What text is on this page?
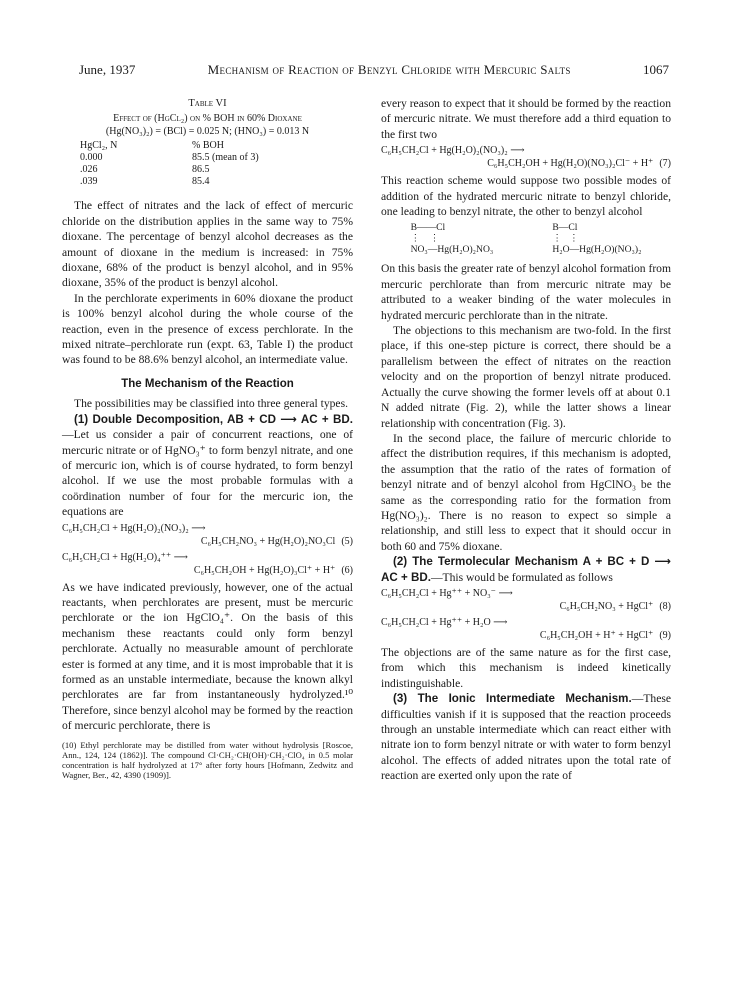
June, 1937	Mechanism of Reaction of Benzyl Chloride with Mercuric Salts	1067
Table VI
Effect of (HgCl₂) on % BOH in 60% Dioxane
(Hg(NO₃)₂) = (BCl) = 0.025 N; (HNO₃) = 0.013 N
HgCl₂, N	% BOH
0.000	85.5 (mean of 3)
.026	86.5
.039	85.4

The effect of nitrates and the lack of effect of mercuric chloride on the distribution applies in the same way to 75% dioxane. The percentage of benzyl alcohol decreases as the amount of dioxane in the medium is increased: in 75% dioxane, 68% of the product is benzyl alcohol, and in 95% dioxane, 35% of the product is benzyl alcohol.

In the perchlorate experiments in 60% dioxane the product is 100% benzyl alcohol during the whole course of the reaction, even in the presence of excess perchlorate. In the mixed nitrate–perchlorate run (expt. 63, Table I) the product was found to be 88.6% benzyl alcohol, an intermediate value.

The Mechanism of the Reaction

The possibilities may be classified into three general types.

(1) Double Decomposition, AB + CD ⟶ AC + BD.—Let us consider a pair of concurrent reactions, one of mercuric nitrate or of HgNO₃⁺ to form benzyl nitrate, and one of mercuric ion, which is of course hydrated, to form benzyl alcohol. If we use the most probable formulas with a coördination number of four for the mercuric ion, the equations are

C₆H₅CH₂Cl + Hg(H₂O)₂(NO₃)₂ ⟶
C₆H₅CH₂NO₃ + Hg(H₂O)₂NO₃Cl (5)
C₆H₅CH₂Cl + Hg(H₂O)₄⁺⁺ ⟶
C₆H₅CH₂OH + Hg(H₂O)₃Cl⁺ + H⁺ (6)

As we have indicated previously, however, one of the actual reactants, when perchlorates are present, must be mercuric perchlorate or the ion HgClO₄⁺. On the basis of this mechanism these reactants could only form benzyl perchlorate. Actually no measurable amount of perchlorate ester is formed at any time, and it is most improbable that it is formed as an unstable intermediate, because the known alkyl perchlorates are far from instantaneously hydrolyzed.¹⁰ Therefore, since benzyl alcohol may be formed by the reaction of mercuric perchlorate, there is

(10) Ethyl perchlorate may be distilled from water without hydrolysis [Roscoe, Ann., 124, 124 (1862)]. The compound Cl·CH₂·CH(OH)·CH₂·ClO₄ in 0.5 molar concentration is half hydrolyzed at 17° after forty hours [Hofmann, Zedwitz and Wagner, Ber., 42, 4390 (1909)].

every reason to expect that it should be formed by the reaction of mercuric nitrate. We must therefore add a third equation to the first two

C₆H₅CH₂Cl + Hg(H₂O)₂(NO₃)₂ ⟶
C₆H₅CH₂OH + Hg(H₂O)(NO₃)₂Cl⁻ + H⁺ (7)

This reaction scheme would suppose two possible modes of addition of the hydrated mercuric nitrate to benzyl chloride, one leading to benzyl nitrate, the other to benzyl alcohol

B——Cl
⋮    ⋮
NO₃—Hg(H₂O)₂NO₃
B—Cl
⋮   ⋮
H₂O—Hg(H₂O)(NO₃)₂

On this basis the greater rate of benzyl alcohol formation from mercuric perchlorate than from mercuric nitrate may be attributed to a weaker binding of the water molecules in hydrated mercuric perchlorate than in the nitrate.

The objections to this mechanism are two-fold. In the first place, if this one-step picture is correct, there should be a parallelism between the effect of nitrates on the reaction velocity and on the proportion of benzyl nitrate produced. Actually the curve showing the former levels off at about 0.1 N added nitrate (Fig. 2), while the latter shows a linear relationship with concentration (Fig. 3).

In the second place, the failure of mercuric chloride to affect the distribution requires, if this mechanism is adopted, the assumption that the ratio of the rates of formation of benzyl nitrate and of benzyl alcohol from HgClNO₃ be the same as the corresponding ratio for the formation from Hg(NO₃)₂. There is no reason to expect so simple a relationship, and still less to expect that it should occur in both 60 and 75% dioxane.

(2) The Termolecular Mechanism A + BC + D ⟶ AC + BD.—This would be formulated as follows

C₆H₅CH₂Cl + Hg⁺⁺ + NO₃⁻ ⟶
C₆H₅CH₂NO₃ + HgCl⁺ (8)
C₆H₅CH₂Cl + Hg⁺⁺ + H₂O ⟶
C₆H₅CH₂OH + H⁺ + HgCl⁺ (9)

The objections are of the same nature as for the first case, from which this mechanism is indeed kinetically indistinguishable.

(3) The Ionic Intermediate Mechanism.—These difficulties vanish if it is supposed that the reaction proceeds through an unstable intermediate which can react either with nitrate ion to form benzyl nitrate or with water to form benzyl alcohol. The effects of added nitrates upon the total rate of reaction are exerted only upon the rate of
